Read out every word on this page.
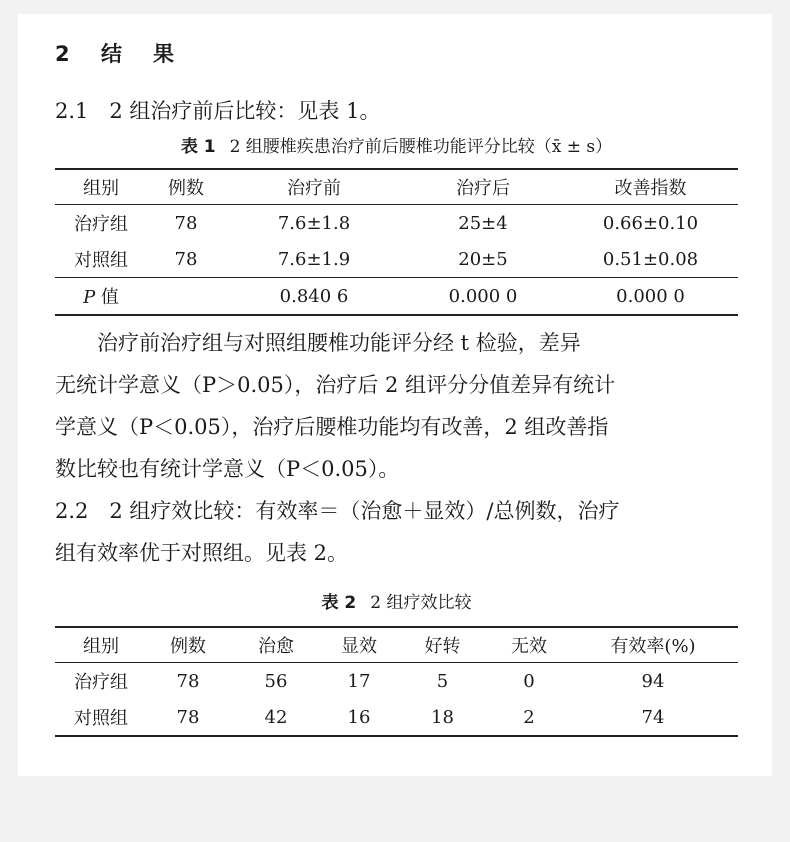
2 结 果
2.1　2 组治疗前后比较：见表 1。
表 1 2 组腰椎疾患治疗前后腰椎功能评分比较（x̄ ± s）
组别	例数	治疗前	治疗后	改善指数
治疗组	78	7.6±1.8	25±4	0.66±0.10
对照组	78	7.6±1.9	20±5	0.51±0.08
P 值		0.840 6	0.000 0	0.000 0
　　治疗前治疗组与对照组腰椎功能评分经 t 检验，差异
无统计学意义（P＞0.05），治疗后 2 组评分分值差异有统计
学意义（P＜0.05），治疗后腰椎功能均有改善，2 组改善指
数比较也有统计学意义（P＜0.05）。
2.2　2 组疗效比较：有效率＝（治愈＋显效）/总例数，治疗
组有效率优于对照组。见表 2。
表 2 2 组疗效比较
组别	例数	治愈	显效	好转	无效	有效率(%)
治疗组	78	56	17	5	0	94
对照组	78	42	16	18	2	74
